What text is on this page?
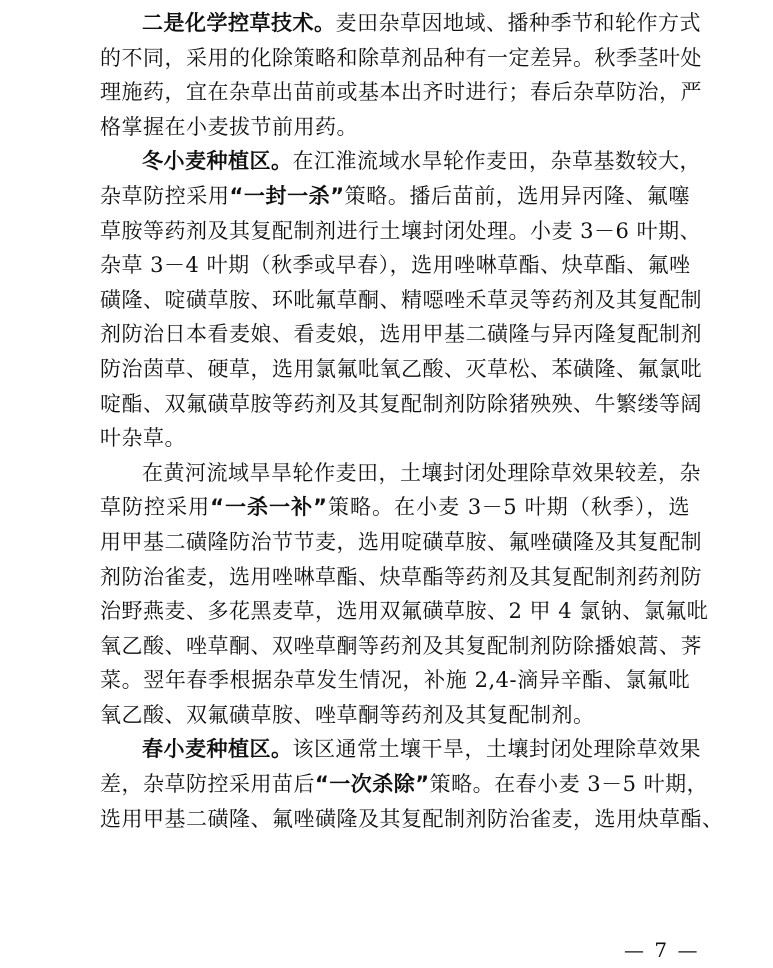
二是化学控草技术。麦田杂草因地域、播种季节和轮作方式
的不同，采用的化除策略和除草剂品种有一定差异。秋季茎叶处
理施药，宜在杂草出苗前或基本出齐时进行；春后杂草防治，严
格掌握在小麦拔节前用药。
冬小麦种植区。在江淮流域水旱轮作麦田，杂草基数较大，
杂草防控采用“一封一杀”策略。播后苗前，选用异丙隆、氟噻
草胺等药剂及其复配制剂进行土壤封闭处理。小麦 3－6 叶期、
杂草 3－4 叶期（秋季或早春），选用唑啉草酯、炔草酯、氟唑
磺隆、啶磺草胺、环吡氟草酮、精噁唑禾草灵等药剂及其复配制
剂防治日本看麦娘、看麦娘，选用甲基二磺隆与异丙隆复配制剂
防治茵草、硬草，选用氯氟吡氧乙酸、灭草松、苯磺隆、氟氯吡
啶酯、双氟磺草胺等药剂及其复配制剂防除猪殃殃、牛繁缕等阔
叶杂草。
在黄河流域旱旱轮作麦田，土壤封闭处理除草效果较差，杂
草防控采用“一杀一补”策略。在小麦 3－5 叶期（秋季），选
用甲基二磺隆防治节节麦，选用啶磺草胺、氟唑磺隆及其复配制
剂防治雀麦，选用唑啉草酯、炔草酯等药剂及其复配制剂药剂防
治野燕麦、多花黑麦草，选用双氟磺草胺、2 甲 4 氯钠、氯氟吡
氧乙酸、唑草酮、双唑草酮等药剂及其复配制剂防除播娘蒿、荠
菜。翌年春季根据杂草发生情况，补施 2,4-滴异辛酯、氯氟吡
氧乙酸、双氟磺草胺、唑草酮等药剂及其复配制剂。
春小麦种植区。该区通常土壤干旱，土壤封闭处理除草效果
差，杂草防控采用苗后“一次杀除”策略。在春小麦 3－5 叶期，
选用甲基二磺隆、氟唑磺隆及其复配制剂防治雀麦，选用炔草酯、
— 7 —
